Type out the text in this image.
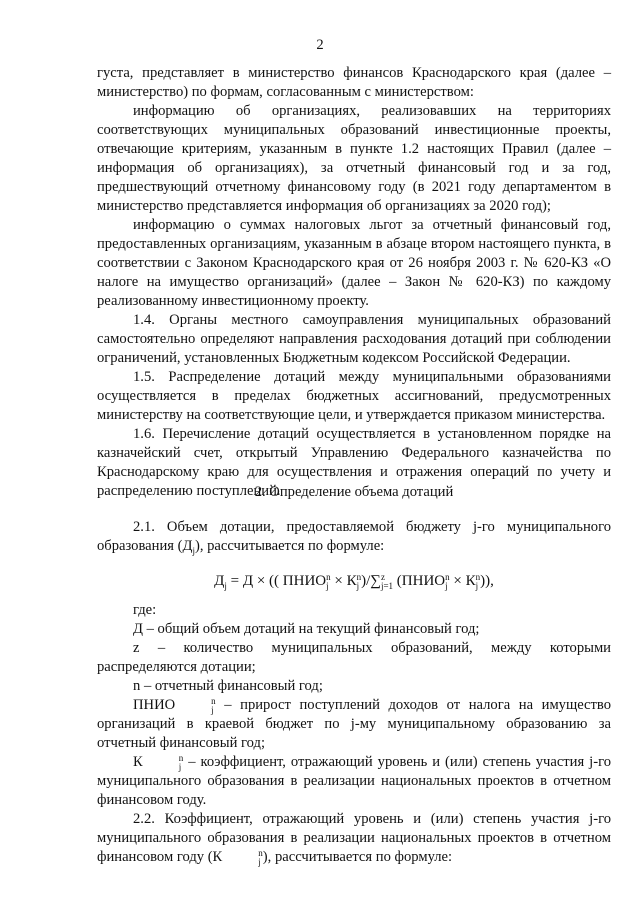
2

густа, представляет в министерство финансов Краснодарского края (далее – министерство) по формам, согласованным с министерством:

информацию об организациях, реализовавших на территориях соответствующих муниципальных образований инвестиционные проекты, отвечающие критериям, указанным в пункте 1.2 настоящих Правил (далее – информация об организациях), за отчетный финансовый год и за год, предшествующий отчетному финансовому году (в 2021 году департаментом в министерство представляется информация об организациях за 2020 год);

информацию о суммах налоговых льгот за отчетный финансовый год, предоставленных организациям, указанным в абзаце втором настоящего пункта, в соответствии с Законом Краснодарского края от 26 ноября 2003 г. № 620-КЗ «О налоге на имущество организаций» (далее – Закон № 620-КЗ) по каждому реализованному инвестиционному проекту.

1.4. Органы местного самоуправления муниципальных образований самостоятельно определяют направления расходования дотаций при соблюдении ограничений, установленных Бюджетным кодексом Российской Федерации.

1.5. Распределение дотаций между муниципальными образованиями осуществляется в пределах бюджетных ассигнований, предусмотренных министерству на соответствующие цели, и утверждается приказом министерства.

1.6. Перечисление дотаций осуществляется в установленном порядке на казначейский счет, открытый Управлению Федерального казначейства по Краснодарскому краю для осуществления и отражения операций по учету и распределению поступлений.

2. Определение объема дотаций

2.1. Объем дотации, предоставляемой бюджету j-го муниципального образования $(Д_j)$, рассчитывается по формуле:

$Д_j = Д$ × (( ПНИО n
j × К n
j )/∑ z
j=1 (ПНИО n
j × К n
j )),

где:

Д – общий объем дотаций на текущий финансовый год;

z – количество муниципальных образований, между которыми распределяются дотации;

n – отчетный финансовый год;

ПНИО	n
j – прирост поступлений доходов от налога на имущество организаций в краевой бюджет по j-му муниципальному образованию за отчетный финансовый год;

К	n
j – коэффициент, отражающий уровень и (или) степень участия j-го муниципального образования в реализации национальных проектов в отчетном финансовом году.

2.2. Коэффициент, отражающий уровень и (или) степень участия j-го муниципального образования в реализации национальных проектов в отчетном финансовом году (К	n
j ), рассчитывается по формуле:
